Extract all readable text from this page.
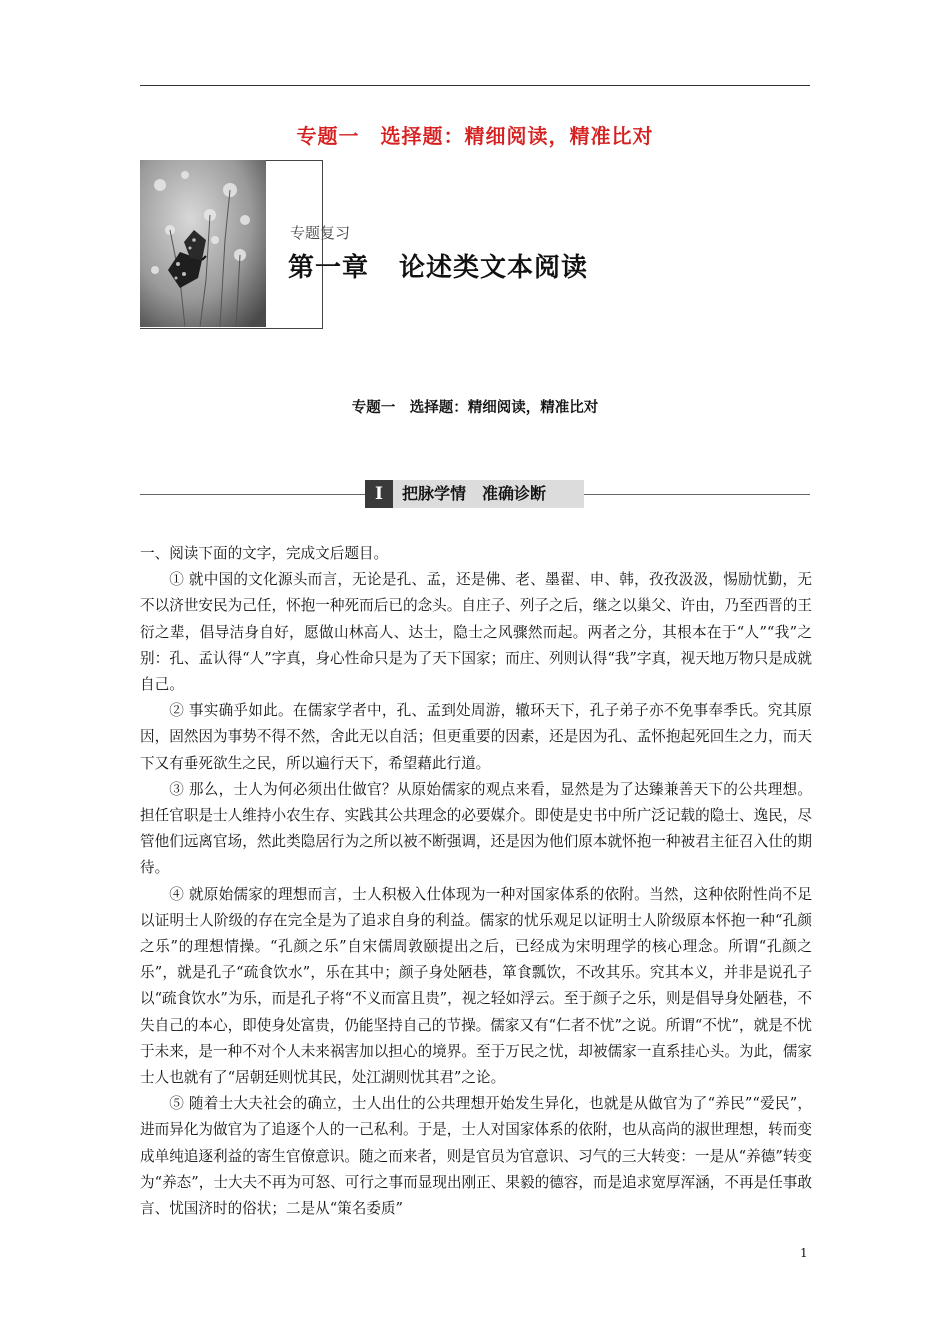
专题一　选择题：精细阅读，精准比对
专题复习
第一章 论述类文本阅读
专题一　选择题：精细阅读，精准比对
I	把脉学情　准确诊断

一、阅读下面的文字，完成文后题目。

① 就中国的文化源头而言，无论是孔、孟，还是佛、老、墨翟、申、韩，孜孜汲汲，惕励忧勤，无不以济世安民为己任，怀抱一种死而后已的念头。自庄子、列子之后，继之以巢父、许由，乃至西晋的王衍之辈，倡导洁身自好，愿做山林高人、达士，隐士之风骤然而起。两者之分，其根本在于“人”“我”之别：孔、孟认得“人”字真，身心性命只是为了天下国家；而庄、列则认得“我”字真，视天地万物只是成就自己。

② 事实确乎如此。在儒家学者中，孔、孟到处周游，辙环天下，孔子弟子亦不免事奉季氏。究其原因，固然因为事势不得不然，舍此无以自活；但更重要的因素，还是因为孔、孟怀抱起死回生之力，而天下又有垂死欲生之民，所以遍行天下，希望藉此行道。

③ 那么，士人为何必须出仕做官？从原始儒家的观点来看，显然是为了达臻兼善天下的公共理想。担任官职是士人维持小农生存、实践其公共理念的必要媒介。即使是史书中所广泛记载的隐士、逸民，尽管他们远离官场，然此类隐居行为之所以被不断强调，还是因为他们原本就怀抱一种被君主征召入仕的期待。

④ 就原始儒家的理想而言，士人积极入仕体现为一种对国家体系的依附。当然，这种依附性尚不足以证明士人阶级的存在完全是为了追求自身的利益。儒家的忧乐观足以证明士人阶级原本怀抱一种“孔颜之乐”的理想情操。“孔颜之乐”自宋儒周敦颐提出之后，已经成为宋明理学的核心理念。所谓“孔颜之乐”，就是孔子“疏食饮水”，乐在其中；颜子身处陋巷，箪食瓢饮，不改其乐。究其本义，并非是说孔子以“疏食饮水”为乐，而是孔子将“不义而富且贵”，视之轻如浮云。至于颜子之乐，则是倡导身处陋巷，不失自己的本心，即使身处富贵，仍能坚持自己的节操。儒家又有“仁者不忧”之说。所谓“不忧”，就是不忧于未来，是一种不对个人未来祸害加以担心的境界。至于万民之忧，却被儒家一直系挂心头。为此，儒家士人也就有了“居朝廷则忧其民，处江湖则忧其君”之论。

⑤ 随着士大夫社会的确立，士人出仕的公共理想开始发生异化，也就是从做官为了“养民”“爱民”，进而异化为做官为了追逐个人的一己私利。于是，士人对国家体系的依附，也从高尚的淑世理想，转而变成单纯追逐利益的寄生官僚意识。随之而来者，则是官员为官意识、习气的三大转变：一是从“养德”转变为“养态”，士大夫不再为可怒、可行之事而显现出刚正、果毅的德容，而是追求宽厚浑涵，不再是任事敢言、忧国济时的俗状；二是从“策名委质”

1
